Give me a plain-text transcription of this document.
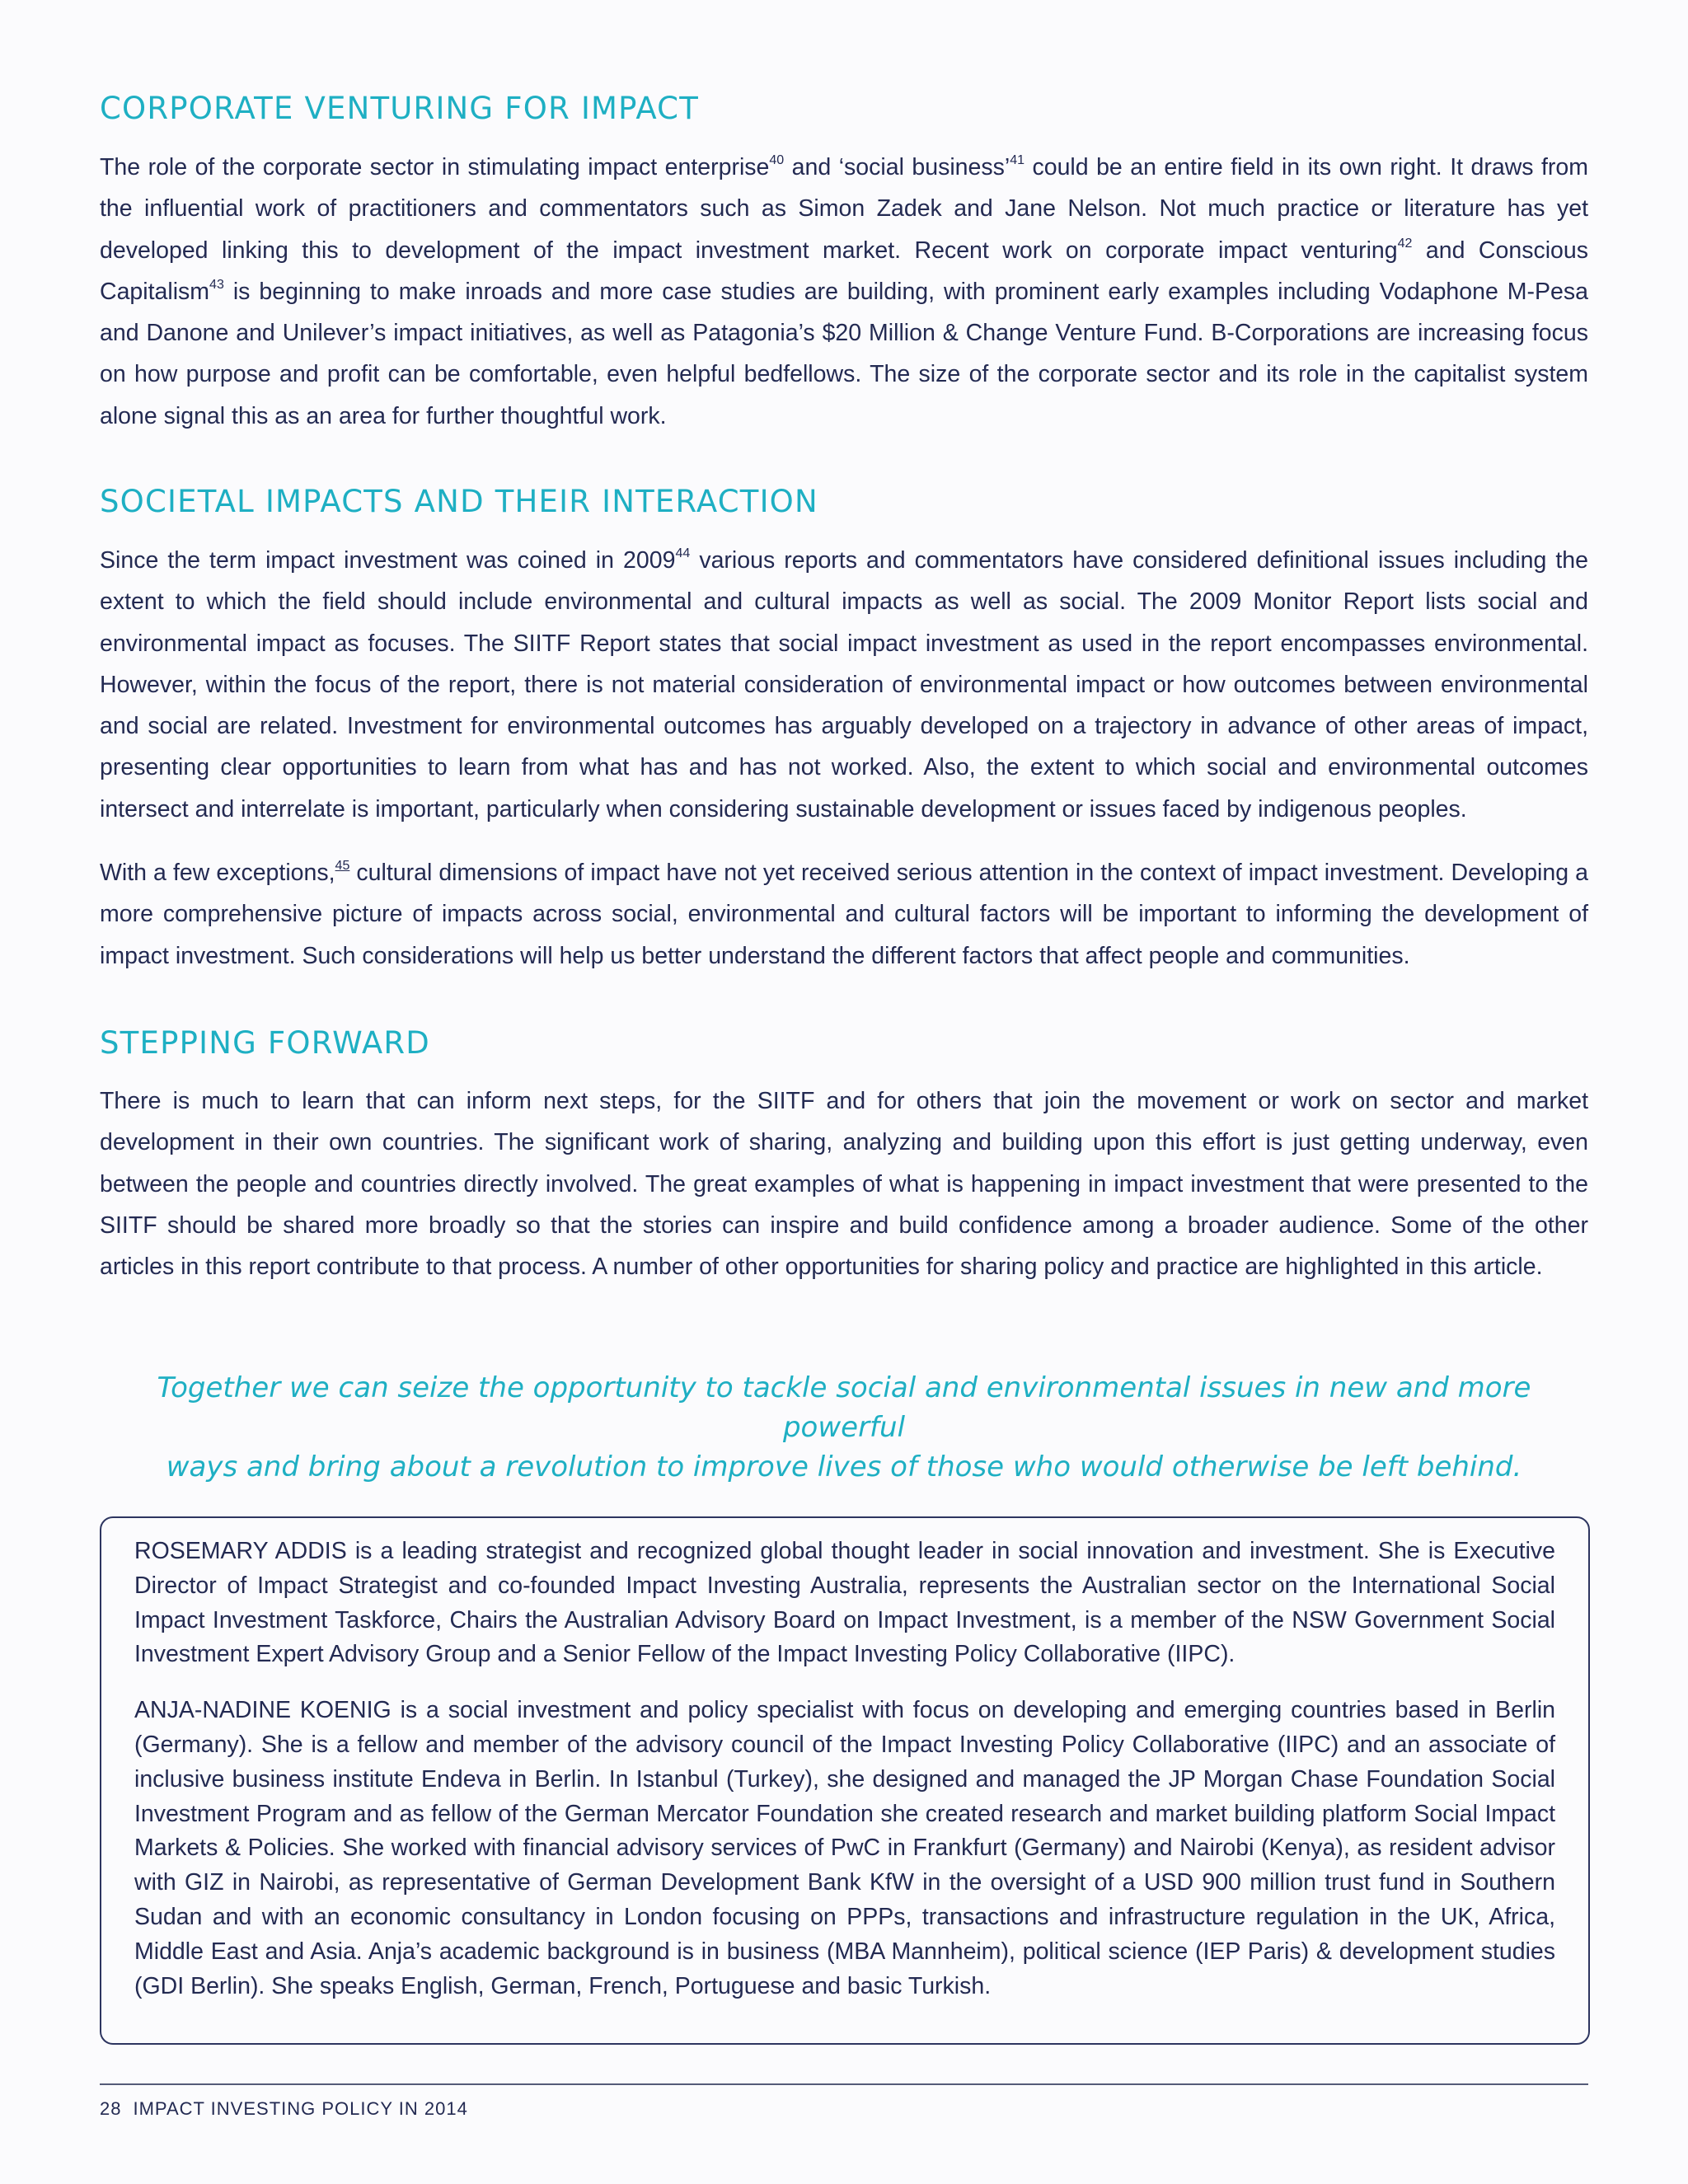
CORPORATE VENTURING FOR IMPACT

The role of the corporate sector in stimulating impact enterprise$^{40}$ and ‘social business’$^{41}$ could be an entire field in its own right. It draws from the influential work of practitioners and commentators such as Simon Zadek and Jane Nelson. Not much practice or literature has yet developed linking this to development of the impact investment market. Recent work on corporate impact venturing$^{42}$ and Conscious Capitalism$^{43}$ is beginning to make inroads and more case studies are building, with prominent early examples including Vodaphone M-Pesa and Danone and Unilever’s impact initiatives, as well as Patagonia’s $20 Million & Change Venture Fund. B-Corporations are increasing focus on how purpose and profit can be comfortable, even helpful bedfellows. The size of the corporate sector and its role in the capitalist system alone signal this as an area for further thoughtful work.

SOCIETAL IMPACTS AND THEIR INTERACTION

Since the term impact investment was coined in 2009$^{44}$ various reports and commentators have considered definitional issues including the extent to which the field should include environmental and cultural impacts as well as social. The 2009 Monitor Report lists social and environmental impact as focuses. The SIITF Report states that social impact investment as used in the report encompasses environmental. However, within the focus of the report, there is not material consideration of environmental impact or how outcomes between environmental and social are related. Investment for environmental outcomes has arguably developed on a trajectory in advance of other areas of impact, presenting clear opportunities to learn from what has and has not worked. Also, the extent to which social and environmental outcomes intersect and interrelate is important, particularly when considering sustainable development or issues faced by indigenous peoples.

With a few exceptions,$^{45}$ cultural dimensions of impact have not yet received serious attention in the context of impact investment. Developing a more comprehensive picture of impacts across social, environmental and cultural factors will be important to informing the development of impact investment. Such considerations will help us better understand the different factors that affect people and communities.

STEPPING FORWARD

There is much to learn that can inform next steps, for the SIITF and for others that join the movement or work on sector and market development in their own countries. The significant work of sharing, analyzing and building upon this effort is just getting underway, even between the people and countries directly involved. The great examples of what is happening in impact investment that were presented to the SIITF should be shared more broadly so that the stories can inspire and build confidence among a broader audience. Some of the other articles in this report contribute to that process. A number of other opportunities for sharing policy and practice are highlighted in this article.

Together we can seize the opportunity to tackle social and environmental issues in new and more powerful
ways and bring about a revolution to improve lives of those who would otherwise be left behind.

ROSEMARY ADDIS is a leading strategist and recognized global thought leader in social innovation and investment. She is Executive Director of Impact Strategist and co-founded Impact Investing Australia, represents the Australian sector on the International Social Impact Investment Taskforce, Chairs the Australian Advisory Board on Impact Investment, is a member of the NSW Government Social Investment Expert Advisory Group and a Senior Fellow of the Impact Investing Policy Collaborative (IIPC).

ANJA-NADINE KOENIG is a social investment and policy specialist with focus on developing and emerging countries based in Berlin (Germany). She is a fellow and member of the advisory council of the Impact Investing Policy Collaborative (IIPC) and an associate of inclusive business institute Endeva in Berlin. In Istanbul (Turkey), she designed and managed the JP Morgan Chase Foundation Social Investment Program and as fellow of the German Mercator Foundation she created research and market building platform Social Impact Markets & Policies. She worked with financial advisory services of PwC in Frankfurt (Germany) and Nairobi (Kenya), as resident advisor with GIZ in Nairobi, as representative of German Development Bank KfW in the oversight of a USD 900 million trust fund in Southern Sudan and with an economic consultancy in London focusing on PPPs, transactions and infrastructure regulation in the UK, Africa, Middle East and Asia. Anja’s academic background is in business (MBA Mannheim), political science (IEP Paris) & development studies (GDI Berlin). She speaks English, German, French, Portuguese and basic Turkish.

28 IMPACT INVESTING POLICY IN 2014
